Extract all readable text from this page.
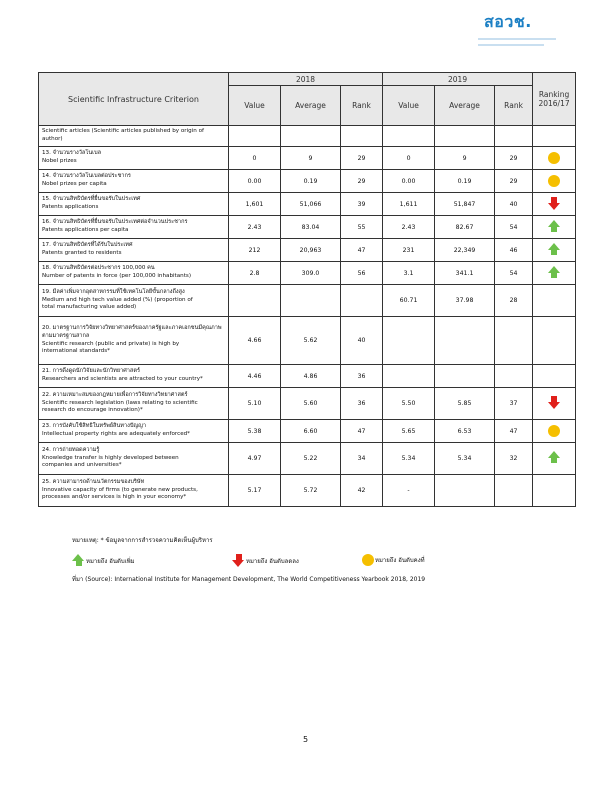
สอวช.
Scientific Infrastructure Criterion	2018			2019			Ranking 2016/17
	Value	Average	Rank	Value	Average	Rank	

Scientific articles (Scientific articles published by origin of author)							

13. จำนวนรางวัลโนเบล
Nobel prizes	0	9	29	0	9	29	

14. จำนวนรางวัลโนเบลต่อประชากร
Nobel prizes per capita	0.00	0.19	29	0.00	0.19	29	

15. จำนวนสิทธิบัตรที่ยื่นขอรับในประเทศ
Patents applications	1,601	51,066	39	1,611	51,847	40	

16. จำนวนสิทธิบัตรที่ยื่นขอรับในประเทศต่อจำนวนประชากร
Patents applications per capita	2.43	83.04	55	2.43	82.67	54	

17. จำนวนสิทธิบัตรที่ได้รับในประเทศ
Patents granted to residents	212	20,963	47	231	22,349	46	

18. จำนวนสิทธิบัตรต่อประชากร 100,000 คน
Number of patents in force (per 100,000 inhabitants)	2.8	309.0	56	3.1	341.1	54	

19. มีลค่าเพิ่มจากอุตสาหกรรมที่ใช้เทคโนโลยีขั้นกลางถึงสูง
Medium and high tech value added (%) (proportion of
total manufacturing value added)				60.71	37.98	28	

20. มาตรฐานการวิจัยทางวิทยาศาสตร์ของภาครัฐและภาคเอกชนมีคุณภาพตามมาตรฐานสากล
Scientific research (public and private) is high by
international standards*	4.66	5.62	40				

21. การดึงดูดนักวิจัยและนักวิทยาศาสตร์
Researchers and scientists are attracted to your country*	4.46	4.86	36				

22. ความเหมาะสมของกฎหมายเพื่อการวิจัยทางวิทยาศาสตร์
Scientific research legislation (laws relating to scientific
research do encourage innovation)*	5.10	5.60	36	5.50	5.85	37	

23. การบังคับใช้สิทธิในทรัพย์สินทางปัญญา
Intellectual property rights are adequately enforced*	5.38	6.60	47	5.65	6.53	47	

24. การถ่ายทอดความรู้
Knowledge transfer is highly developed between
companies and universities*	4.97	5.22	34	5.34	5.34	32	

25. ความสามารถด้านนวัตกรรมของบริษัท
Innovative capacity of firms (to generate new products,
processes and/or services is high in your economy*	5.17	5.72	42	-			
หมายเหตุ: * ข้อมูลจากการสำรวจความคิดเห็นผู้บริหาร
หมายถึง อันดับเพิ่ม	หมายถึง อันดับลดลง	หมายถึง อันดับคงที่
ที่มา (Source): International Institute for Management Development, The World Competitiveness Yearbook 2018, 2019
5
